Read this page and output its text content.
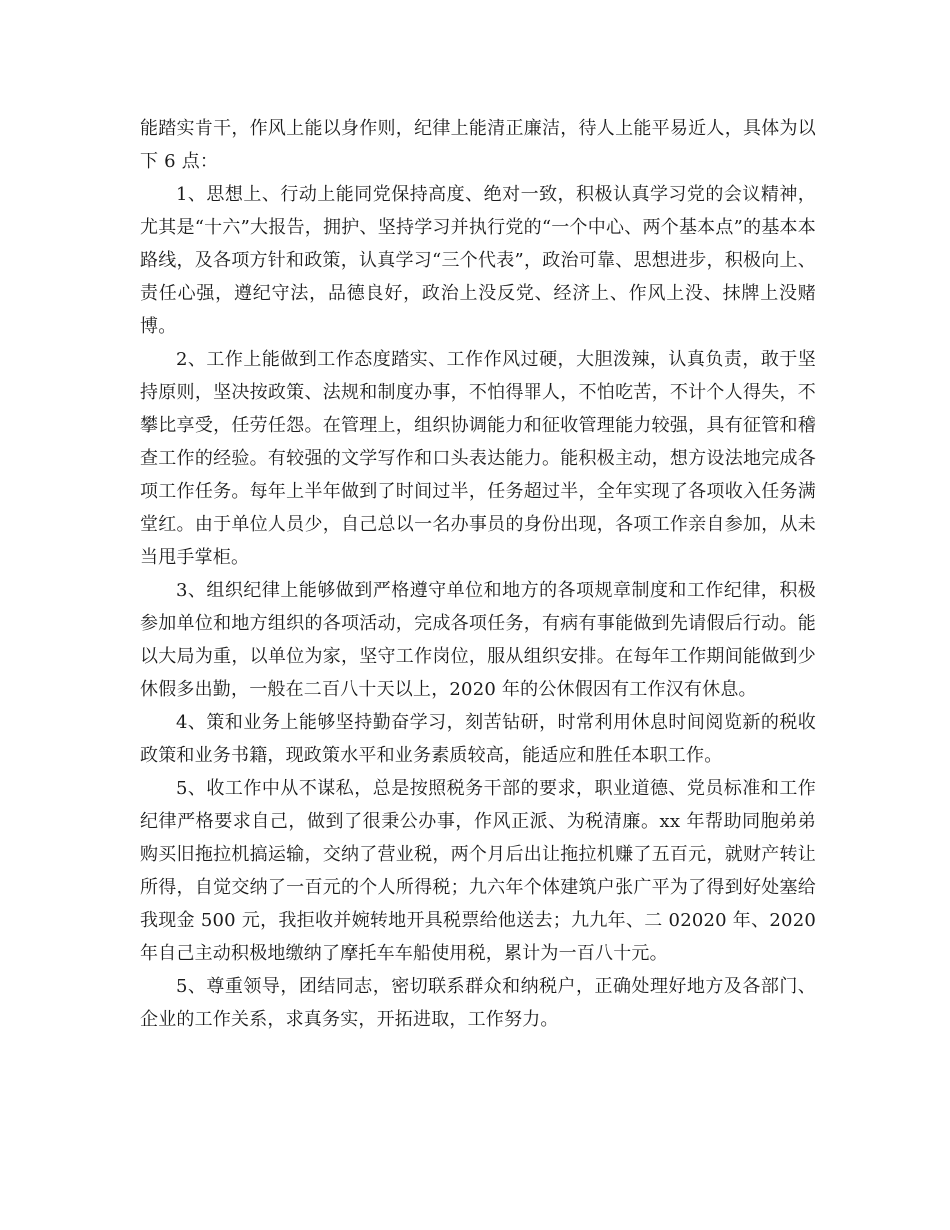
能踏实肯干，作风上能以身作则，纪律上能清正廉洁，待人上能平易近人，具体为以下 6 点：

1、思想上、行动上能同党保持高度、绝对一致，积极认真学习党的会议精神，尤其是“十六”大报告，拥护、坚持学习并执行党的“一个中心、两个基本点”的基本本路线，及各项方针和政策，认真学习“三个代表”，政治可靠、思想进步，积极向上、责任心强，遵纪守法，品德良好，政治上没反党、经济上、作风上没、抹牌上没赌博。

2、工作上能做到工作态度踏实、工作作风过硬，大胆泼辣，认真负责，敢于坚持原则，坚决按政策、法规和制度办事，不怕得罪人，不怕吃苦，不计个人得失，不攀比享受，任劳任怨。在管理上，组织协调能力和征收管理能力较强，具有征管和稽查工作的经验。有较强的文学写作和口头表达能力。能积极主动，想方设法地完成各项工作任务。每年上半年做到了时间过半，任务超过半，全年实现了各项收入任务满堂红。由于单位人员少，自己总以一名办事员的身份出现，各项工作亲自参加，从未当甩手掌柜。

3、组织纪律上能够做到严格遵守单位和地方的各项规章制度和工作纪律，积极参加单位和地方组织的各项活动，完成各项任务，有病有事能做到先请假后行动。能以大局为重，以单位为家，坚守工作岗位，服从组织安排。在每年工作期间能做到少休假多出勤，一般在二百八十天以上，2020 年的公休假因有工作汉有休息。

4、策和业务上能够坚持勤奋学习，刻苦钻研，时常利用休息时间阅览新的税收政策和业务书籍，现政策水平和业务素质较高，能适应和胜任本职工作。

5、收工作中从不谋私，总是按照税务干部的要求，职业道德、党员标准和工作纪律严格要求自己，做到了很秉公办事，作风正派、为税清廉。xx 年帮助同胞弟弟购买旧拖拉机搞运输，交纳了营业税，两个月后出让拖拉机赚了五百元，就财产转让所得，自觉交纳了一百元的个人所得税；九六年个体建筑户张广平为了得到好处塞给我现金 500 元，我拒收并婉转地开具税票给他送去；九九年、二 02020 年、2020 年自己主动积极地缴纳了摩托车车船使用税，累计为一百八十元。

5、尊重领导，团结同志，密切联系群众和纳税户，正确处理好地方及各部门、企业的工作关系，求真务实，开拓进取，工作努力。
